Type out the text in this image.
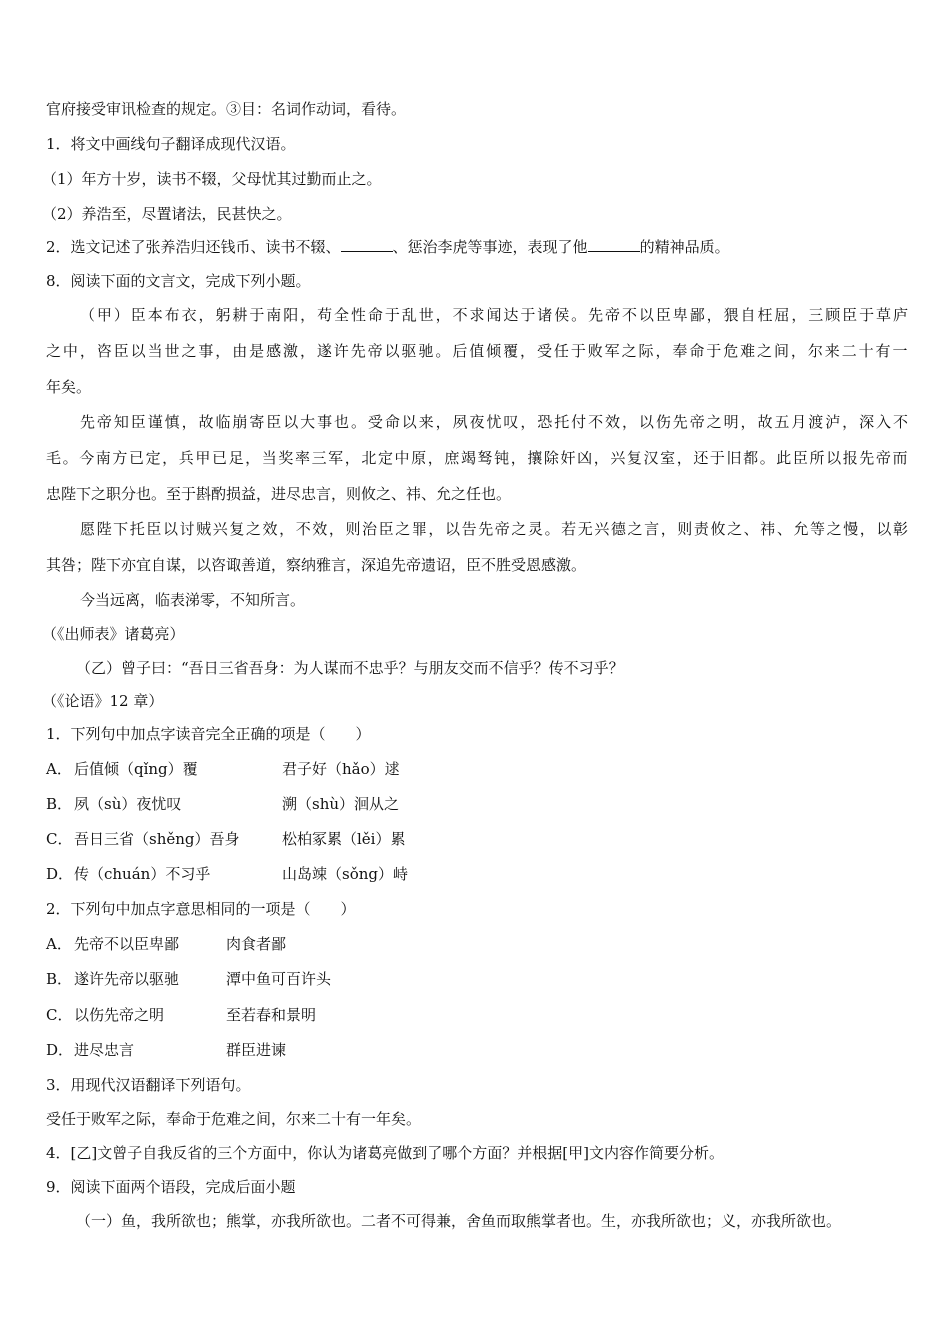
官府接受审讯检查的规定。③目：名词作动词，看待。
1．将文中画线句子翻译成现代汉语。
（1）年方十岁，读书不辍，父母忧其过勤而止之。
（2）养浩至，尽置诸法，民甚快之。
2．选文记述了张养浩归还钱币、读书不辍、	、惩治李虎等事迹，表现了他	的精神品质。
8．阅读下面的文言文，完成下列小题。
（甲）臣本布衣，躬耕于南阳，苟全性命于乱世，不求闻达于诸侯。先帝不以臣卑鄙，猥自枉屈，三顾臣于草庐
之中，咨臣以当世之事，由是感激，遂许先帝以驱驰。后值倾覆，受任于败军之际，奉命于危难之间，尔来二十有一
年矣。
先帝知臣谨慎，故临崩寄臣以大事也。受命以来，夙夜忧叹，恐托付不效，以伤先帝之明，故五月渡泸，深入不
毛。今南方已定，兵甲已足，当奖率三军，北定中原，庶竭驽钝，攘除奸凶，兴复汉室，还于旧都。此臣所以报先帝而
忠陛下之职分也。至于斟酌损益，进尽忠言，则攸之、祎、允之任也。
愿陛下托臣以讨贼兴复之效，不效，则治臣之罪，以告先帝之灵。若无兴德之言，则责攸之、祎、允等之慢，以彰
其咎；陛下亦宜自谋，以咨诹善道，察纳雅言，深追先帝遗诏，臣不胜受恩感激。
今当远离，临表涕零，不知所言。
（《出师表》诸葛亮）
（乙）曾子曰：“吾日三省吾身：为人谋而不忠乎？与朋友交而不信乎？传不习乎？
（《论语》12 章）
1．下列句中加点字读音完全正确的项是（　　）
A． 后值倾（qǐng）覆	君子好（hǎo）逑
B． 夙（sù）夜忧叹	溯（shù）洄从之
C． 吾日三省（shěng）吾身	松柏冢累（lěi）累
D．传（chuán）不习乎	山岛竦（sǒng）峙
2．下列句中加点字意思相同的一项是（　　）
A． 先帝不以臣卑鄙	肉食者鄙
B． 遂许先帝以驱驰	潭中鱼可百许头
C． 以伤先帝之明	至若春和景明
D．进尽忠言	群臣进谏
3．用现代汉语翻译下列语句。
受任于败军之际，奉命于危难之间，尔来二十有一年矣。
4．[乙]文曾子自我反省的三个方面中，你认为诸葛亮做到了哪个方面？并根据[甲]文内容作简要分析。
9．阅读下面两个语段，完成后面小题
（一）鱼，我所欲也；熊掌，亦我所欲也。二者不可得兼，舍鱼而取熊掌者也。生，亦我所欲也；义，亦我所欲也。
